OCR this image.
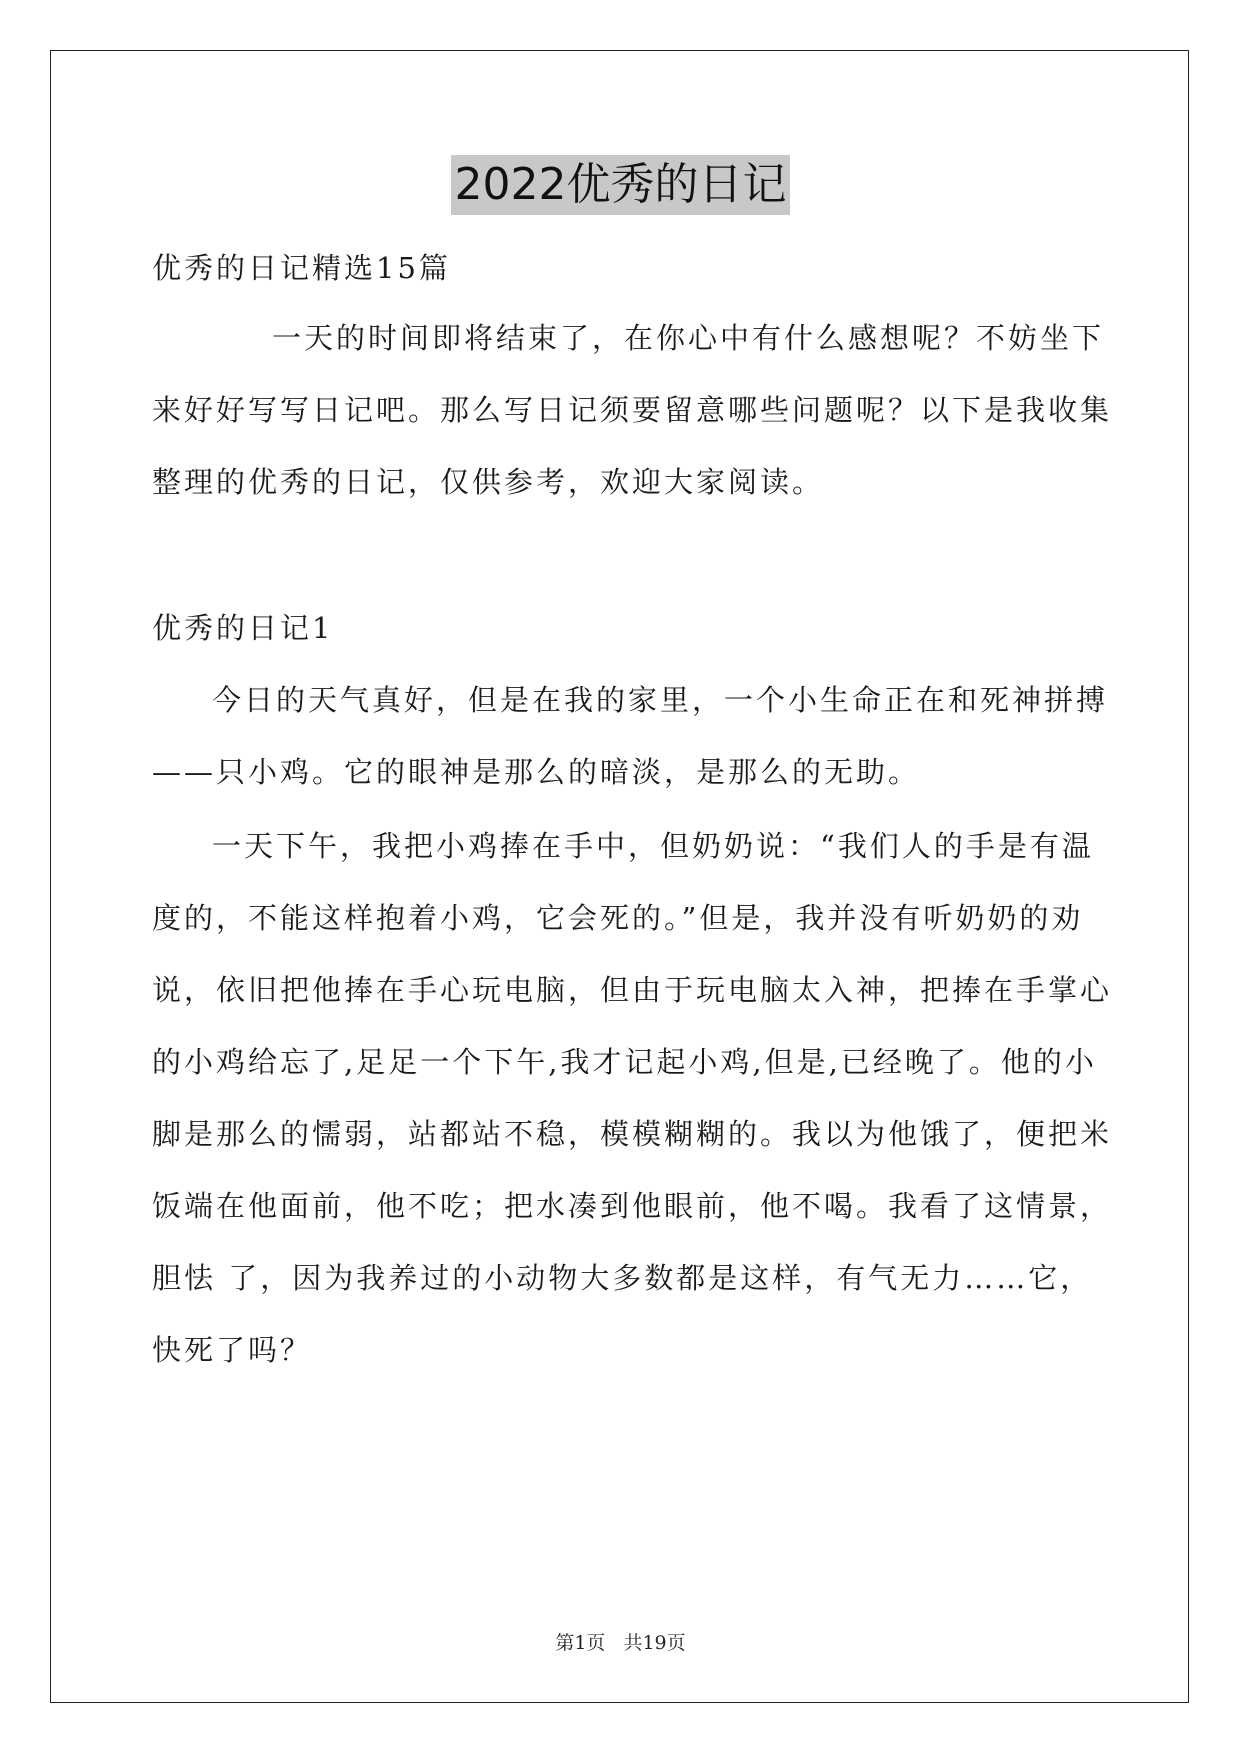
2022优秀的日记
优秀的日记精选15篇
一天的时间即将结束了，在你心中有什么感想呢？不妨坐下
来好好写写日记吧。那么写日记须要留意哪些问题呢？以下是我收集
整理的优秀的日记，仅供参考，欢迎大家阅读。
优秀的日记1
今日的天气真好，但是在我的家里，一个小生命正在和死神拼搏
——只小鸡。它的眼神是那么的暗淡，是那么的无助。
一天下午，我把小鸡捧在手中，但奶奶说：“我们人的手是有温
度的，不能这样抱着小鸡，它会死的。”但是，我并没有听奶奶的劝
说，依旧把他捧在手心玩电脑，但由于玩电脑太入神，把捧在手掌心
的小鸡给忘了,足足一个下午,我才记起小鸡,但是,已经晚了。他的小
脚是那么的懦弱，站都站不稳，模模糊糊的。我以为他饿了，便把米
饭端在他面前，他不吃；把水凑到他眼前，他不喝。我看了这情景，
胆怯 了，因为我养过的小动物大多数都是这样，有气无力……它，
快死了吗？
第1页 共19页
